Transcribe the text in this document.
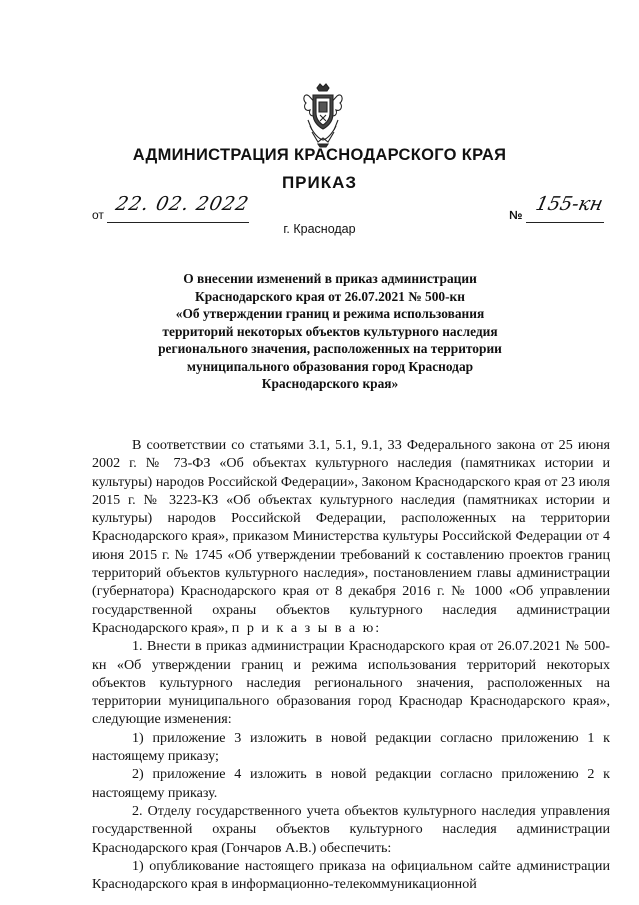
АДМИНИСТРАЦИЯ КРАСНОДАРСКОГО КРАЯ
ПРИКАЗ
от 22. 02. 2022
г. Краснодар
№ 155-кн
О внесении изменений в приказ администрации
Краснодарского края от 26.07.2021 № 500-кн
«Об утверждении границ и режима использования
территорий некоторых объектов культурного наследия
регионального значения, расположенных на территории
муниципального образования город Краснодар
Краснодарского края»

В соответствии со статьями 3.1, 5.1, 9.1, 33 Федерального закона от 25 июня 2002 г. № 73-ФЗ «Об объектах культурного наследия (памятниках истории и культуры) народов Российской Федерации», Законом Краснодарского края от 23 июля 2015 г. № 3223-КЗ «Об объектах культурного наследия (памятниках истории и культуры) народов Российской Федерации, расположенных на территории Краснодарского края», приказом Министерства культуры Российской Федерации от 4 июня 2015 г. № 1745 «Об утверждении требований к составлению проектов границ территорий объектов культурного наследия», постановлением главы администрации (губернатора) Краснодарского края от 8 декабря 2016 г. № 1000 «Об управлении государственной охраны объектов культурного наследия администрации Краснодарского края», п р и к а з ы в а ю:

1. Внести в приказ администрации Краснодарского края от 26.07.2021 № 500-кн «Об утверждении границ и режима использования территорий некоторых объектов культурного наследия регионального значения, расположенных на территории муниципального образования город Краснодар Краснодарского края», следующие изменения:

1) приложение 3 изложить в новой редакции согласно приложению 1 к настоящему приказу;

2) приложение 4 изложить в новой редакции согласно приложению 2 к настоящему приказу.

2. Отделу государственного учета объектов культурного наследия управления государственной охраны объектов культурного наследия администрации Краснодарского края (Гончаров А.В.) обеспечить:

1) опубликование настоящего приказа на официальном сайте администрации Краснодарского края в информационно-телекоммуникационной
